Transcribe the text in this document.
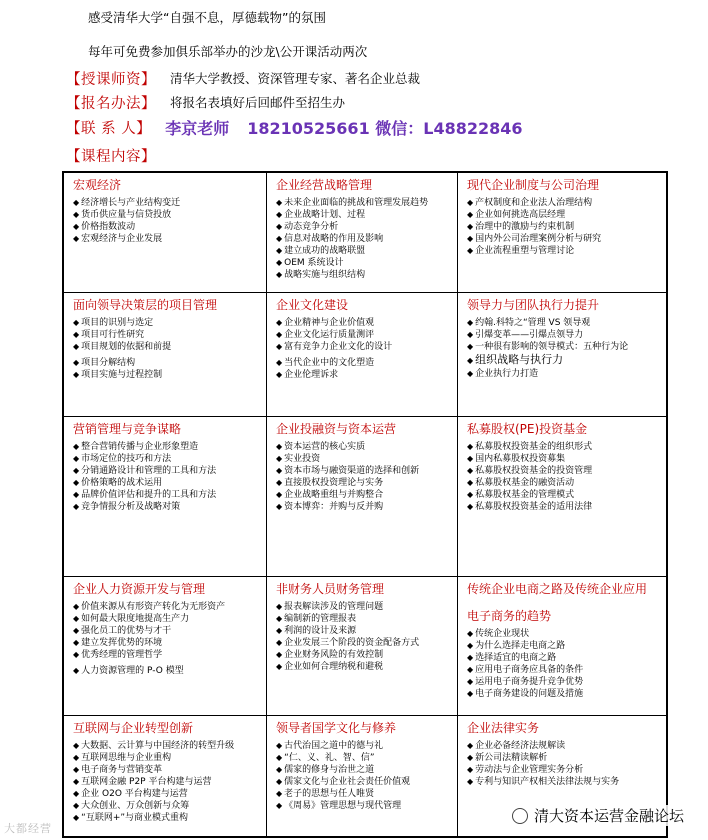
感受清华大学“自强不息，厚德载物”的氛围
每年可免费参加俱乐部举办的沙龙\公开课活动两次
【授课师资】 清华大学教授、资深管理专家、著名企业总裁
【报名办法】 将报名表填好后回邮件至招生办
【联 系 人】 李京老师 18210525661 微信：L48822846
【课程内容】
宏观经济
◆ 经济增长与产业结构变迁
◆ 货币供应量与信贷投放
◆ 价格指数波动
◆ 宏观经济与企业发展
企业经营战略管理
◆ 未来企业面临的挑战和管理发展趋势
◆ 企业战略计划、过程
◆ 动态竞争分析
◆ 信息对战略的作用及影响
◆ 建立成功的战略联盟
◆ OEM 系统设计
◆ 战略实施与组织结构
现代企业制度与公司治理
◆ 产权制度和企业法人治理结构
◆ 企业如何挑选高层经理
◆ 治理中的激励与约束机制
◆ 国内外公司治理案例分析与研究
◆ 企业流程重塑与管理讨论
面向领导决策层的项目管理
◆ 项目的识别与选定
◆ 项目可行性研究
◆ 项目规划的依据和前提
◆ 项目分解结构
◆ 项目实施与过程控制
企业文化建设
◆ 企业精神与企业价值观
◆ 企业文化运行质量测评
◆ 富有竞争力企业文化的设计
◆ 当代企业中的文化塑造
◆ 企业伦理诉求
领导力与团队执行力提升
◆ 约翰.科特之“管理 VS 领导观
◆ 引爆变革——引爆点领导力
◆ 一种很有影响的领导模式：五种行为论
◆ 组织战略与执行力
◆ 企业执行力打造
营销管理与竞争谋略
◆ 整合营销传播与企业形象塑造
◆ 市场定位的技巧和方法
◆ 分销通路设计和管理的工具和方法
◆ 价格策略的战术运用
◆ 品牌价值评估和提升的工具和方法
◆ 竞争情报分析及战略对策
企业投融资与资本运营
◆ 资本运营的核心实质
◆ 实业投资
◆ 资本市场与融资渠道的选择和创新
◆ 直接股权投资理论与实务
◆ 企业战略重组与并购整合
◆ 资本博弈：并购与反并购
私募股权(PE)投资基金
◆ 私募股权投资基金的组织形式
◆ 国内私募股权投资募集
◆ 私募股权投资基金的投资管理
◆ 私募股权基金的融资活动
◆ 私募股权基金的管理模式
◆ 私募股权投资基金的适用法律
企业人力资源开发与管理
◆ 价值来源从有形资产转化为无形资产
◆ 如何最大限度地提高生产力
◆ 强化员工的优势与才干
◆ 建立发挥优势的环境
◆ 优秀经理的管理哲学
◆ 人力资源管理的 P-O 模型
非财务人员财务管理
◆ 报表解读涉及的管理问题
◆ 编制新的管理报表
◆ 利润的设计及来源
◆ 企业发展三个阶段的资金配备方式
◆ 企业财务风险的有效控制
◆ 企业如何合理纳税和避税
传统企业电商之路及传统企业应用
电子商务的趋势
◆ 传统企业现状
◆ 为什么选择走电商之路
◆ 选择适宜的电商之路
◆ 应用电子商务应具备的条件
◆ 运用电子商务提升竞争优势
◆ 电子商务建设的问题及措施
互联网与企业转型创新
◆ 大数据、云计算与中国经济的转型升级
◆ 互联网思维与企业重构
◆ 电子商务与营销变革
◆ 互联网金融 P2P 平台构建与运营
◆ 企业 O2O 平台构建与运营
◆ 大众创业、万众创新与众筹
◆ “互联网+”与商业模式重构
领导者国学文化与修养
◆ 古代治国之道中的德与礼
◆ “仁、义、礼、智、信”
◆ 儒家的修身与治世之道
◆ 儒家文化与企业社会责任价值观
◆ 老子的思想与任人唯贤
◆ 《周易》管理思想与现代管理
企业法律实务
◆ 企业必备经济法规解读
◆ 新公司法精读解析
◆ 劳动法与企业管理实务分析
◆ 专利与知识产权相关法律法规与实务
清大资本运营金融论坛
大都经营
